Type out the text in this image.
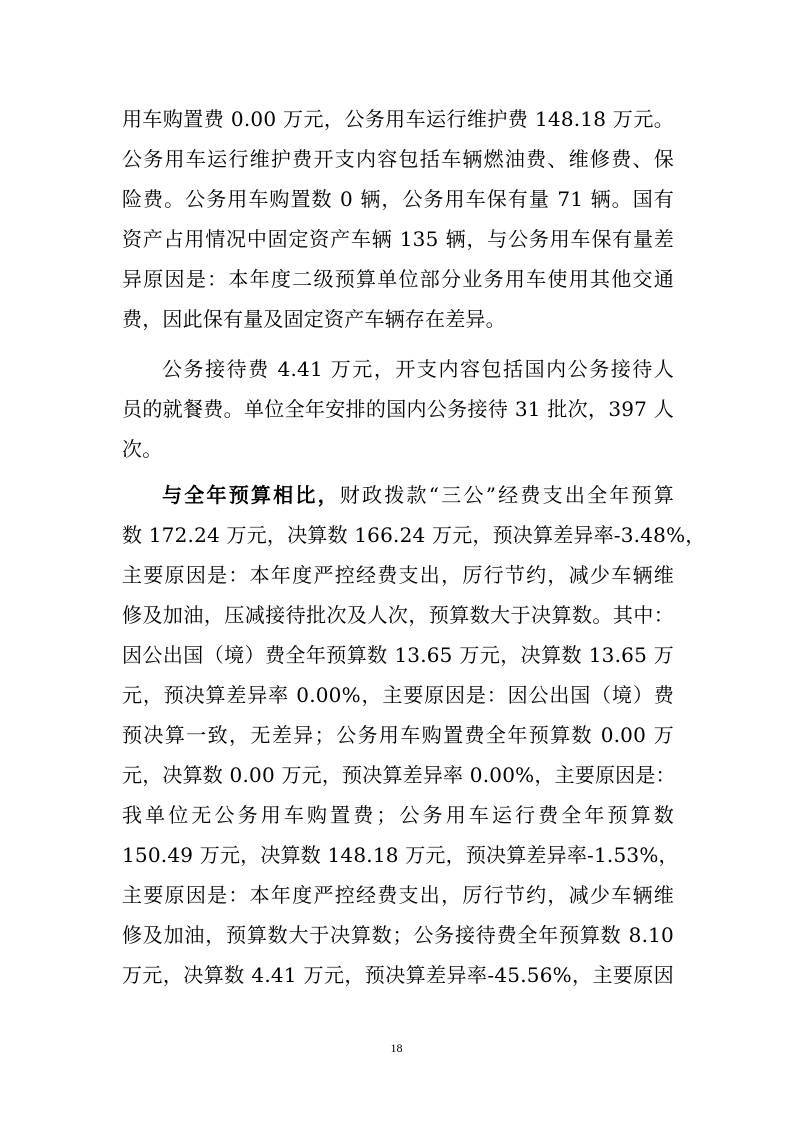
用车购置费 0.00 万元，公务用车运行维护费 148.18 万元。
公务用车运行维护费开支内容包括车辆燃油费、维修费、保
险费。公务用车购置数 0 辆，公务用车保有量 71 辆。国有
资产占用情况中固定资产车辆 135 辆，与公务用车保有量差
异原因是：本年度二级预算单位部分业务用车使用其他交通
费，因此保有量及固定资产车辆存在差异。
公务接待费 4.41 万元，开支内容包括国内公务接待人
员的就餐费。单位全年安排的国内公务接待 31 批次，397 人
次。
与全年预算相比，财政拨款“三公”经费支出全年预算
数 172.24 万元，决算数 166.24 万元，预决算差异率-3.48%，
主要原因是：本年度严控经费支出，厉行节约，减少车辆维
修及加油，压减接待批次及人次，预算数大于决算数。其中：
因公出国（境）费全年预算数 13.65 万元，决算数 13.65 万
元，预决算差异率 0.00%，主要原因是：因公出国（境）费
预决算一致，无差异；公务用车购置费全年预算数 0.00 万
元，决算数 0.00 万元，预决算差异率 0.00%，主要原因是：
我单位无公务用车购置费；公务用车运行费全年预算数
150.49 万元，决算数 148.18 万元，预决算差异率-1.53%，
主要原因是：本年度严控经费支出，厉行节约，减少车辆维
修及加油，预算数大于决算数；公务接待费全年预算数 8.10
万元，决算数 4.41 万元，预决算差异率-45.56%，主要原因
18
